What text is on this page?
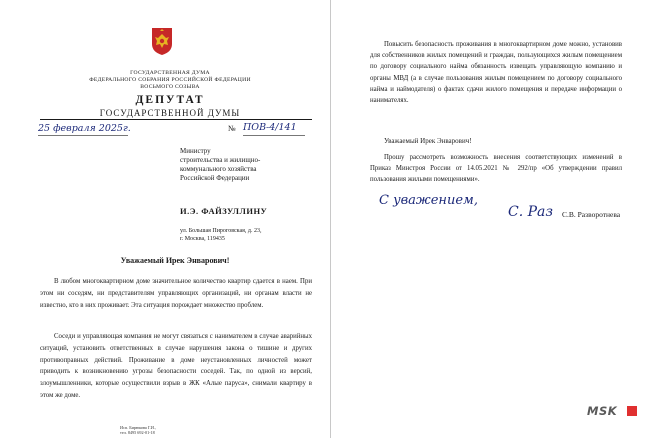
ГОСУДАРСТВЕННАЯ ДУМА
ФЕДЕРАЛЬНОГО СОБРАНИЯ РОССИЙСКОЙ ФЕДЕРАЦИИ
ВОСЬМОГО СОЗЫВА
ДЕПУТАТ
ГОСУДАРСТВЕННОЙ ДУМЫ
25 февраля 2025г.	№ ПОВ-4/141
Министру
строительства и жилищно-
коммунального хозяйства
Российской Федерации
И.Э. ФАЙЗУЛЛИНУ
ул. Большая Пироговская, д. 23,
г. Москва, 119435
Уважаемый Ирек Энварович!
В любом многоквартирном доме значительное количество квартир сдается в наем. При этом ни соседям, ни представителям управляющих организаций, ни органам власти не известно, кто в них проживает. Эта ситуация порождает множество проблем.
Соседи и управляющая компания не могут связаться с нанимателем в случае аварийных ситуаций, установить ответственных в случае нарушения закона о тишине и других противоправных действий. Проживание в доме неустановленных личностей может приводить к возникновению угрозы безопасности соседей. Так, по одной из версий, злоумышленники, которые осуществили взрыв в ЖК «Алые паруса», снимали квартиру в этом же доме.
Исп. Бирюкова Г.И.,
тел. 8495 692-01-18
Повысить безопасность проживания в многоквартирном доме можно, установив для собственников жилых помещений и граждан, пользующихся жилым помещением по договору социального найма обязанность извещать управляющую компанию и органы МВД (а в случае пользования жилым помещением по договору социального найма и наймодателя) о фактах сдачи жилого помещения и передаче информации о нанимателях.
Уважаемый Ирек Энварович!
Прошу рассмотреть возможность внесения соответствующих изменений в Приказ Минстроя России от 14.05.2021 № 292/пр «Об утверждении правил пользования жилыми помещениями».
С уважением,
С. Раз С.В. Разворотнева
MSK
